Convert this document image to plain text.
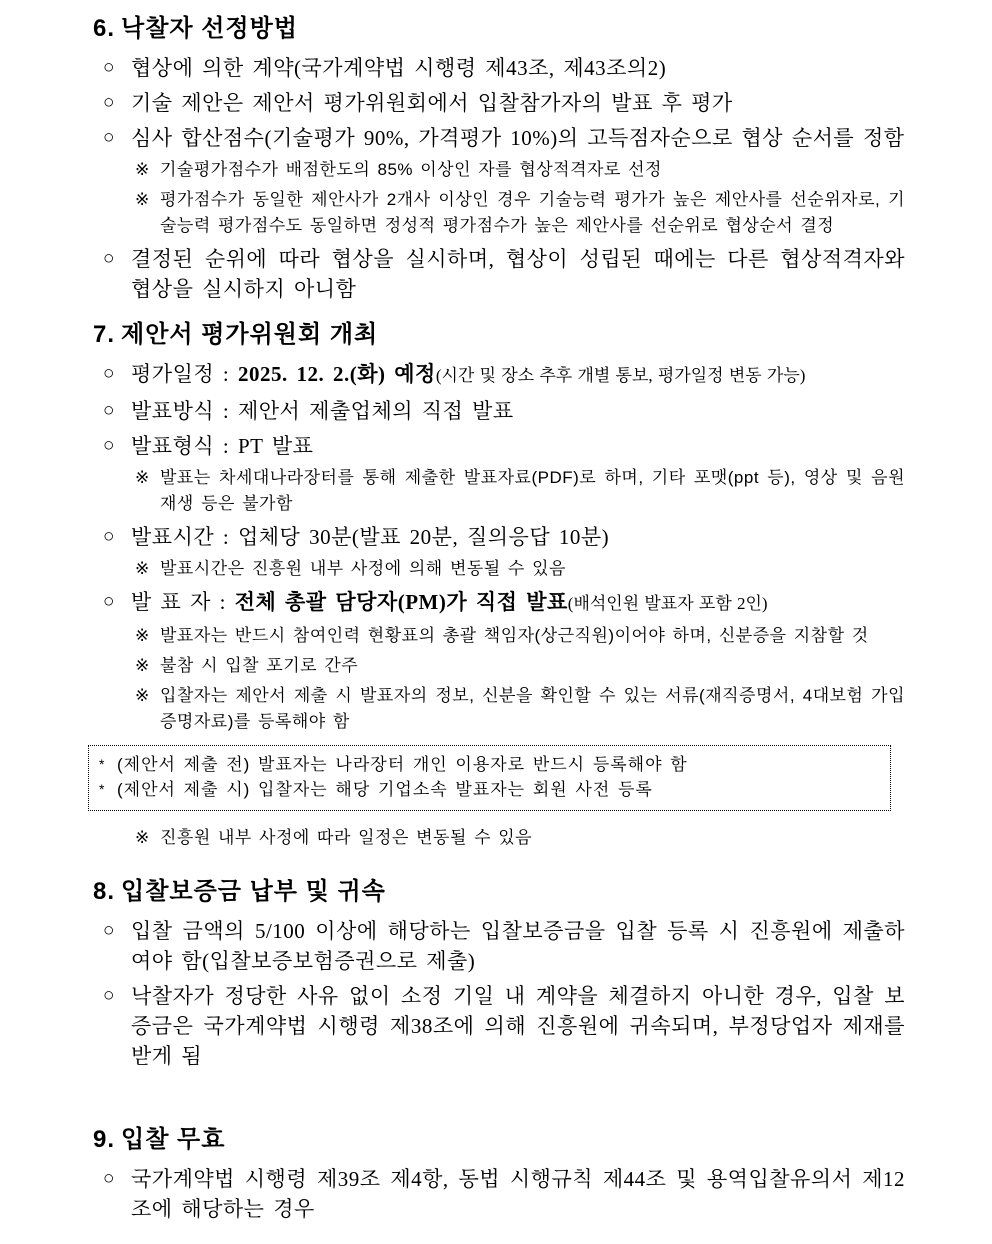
6. 낙찰자 선정방법
○ 협상에 의한 계약(국가계약법 시행령 제43조, 제43조의2)
○ 기술 제안은 제안서 평가위원회에서 입찰참가자의 발표 후 평가
○ 심사 합산점수(기술평가 90%, 가격평가 10%)의 고득점자순으로 협상 순서를 정함
※ 기술평가점수가 배점한도의 85% 이상인 자를 협상적격자로 선정
※ 평가점수가 동일한 제안사가 2개사 이상인 경우 기술능력 평가가 높은 제안사를 선순위자로, 기술능력 평가점수도 동일하면 정성적 평가점수가 높은 제안사를 선순위로 협상순서 결정
○ 결정된 순위에 따라 협상을 실시하며, 협상이 성립된 때에는 다른 협상적격자와 협상을 실시하지 아니함
7. 제안서 평가위원회 개최
○ 평가일정 : 2025. 12. 2.(화) 예정(시간 및 장소 추후 개별 통보, 평가일정 변동 가능)
○ 발표방식 : 제안서 제출업체의 직접 발표
○ 발표형식 : PT 발표
※ 발표는 차세대나라장터를 통해 제출한 발표자료(PDF)로 하며, 기타 포맷(ppt 등), 영상 및 음원 재생 등은 불가함
○ 발표시간 : 업체당 30분(발표 20분, 질의응답 10분)
※ 발표시간은 진흥원 내부 사정에 의해 변동될 수 있음
○ 발 표 자 : 전체 총괄 담당자(PM)가 직접 발표(배석인원 발표자 포함 2인)
※ 발표자는 반드시 참여인력 현황표의 총괄 책임자(상근직원)이어야 하며, 신분증을 지참할 것
※ 불참 시 입찰 포기로 간주
※ 입찰자는 제안서 제출 시 발표자의 정보, 신분을 확인할 수 있는 서류(재직증명서, 4대보험 가입증명자료)를 등록해야 함
* (제안서 제출 전) 발표자는 나라장터 개인 이용자로 반드시 등록해야 함
* (제안서 제출 시) 입찰자는 해당 기업소속 발표자는 회원 사전 등록
※ 진흥원 내부 사정에 따라 일정은 변동될 수 있음
8. 입찰보증금 납부 및 귀속
○ 입찰 금액의 5/100 이상에 해당하는 입찰보증금을 입찰 등록 시 진흥원에 제출하여야 함(입찰보증보험증권으로 제출)
○ 낙찰자가 정당한 사유 없이 소정 기일 내 계약을 체결하지 아니한 경우, 입찰 보증금은 국가계약법 시행령 제38조에 의해 진흥원에 귀속되며, 부정당업자 제재를 받게 됨
9. 입찰 무효
○ 국가계약법 시행령 제39조 제4항, 동법 시행규칙 제44조 및 용역입찰유의서 제12조에 해당하는 경우
